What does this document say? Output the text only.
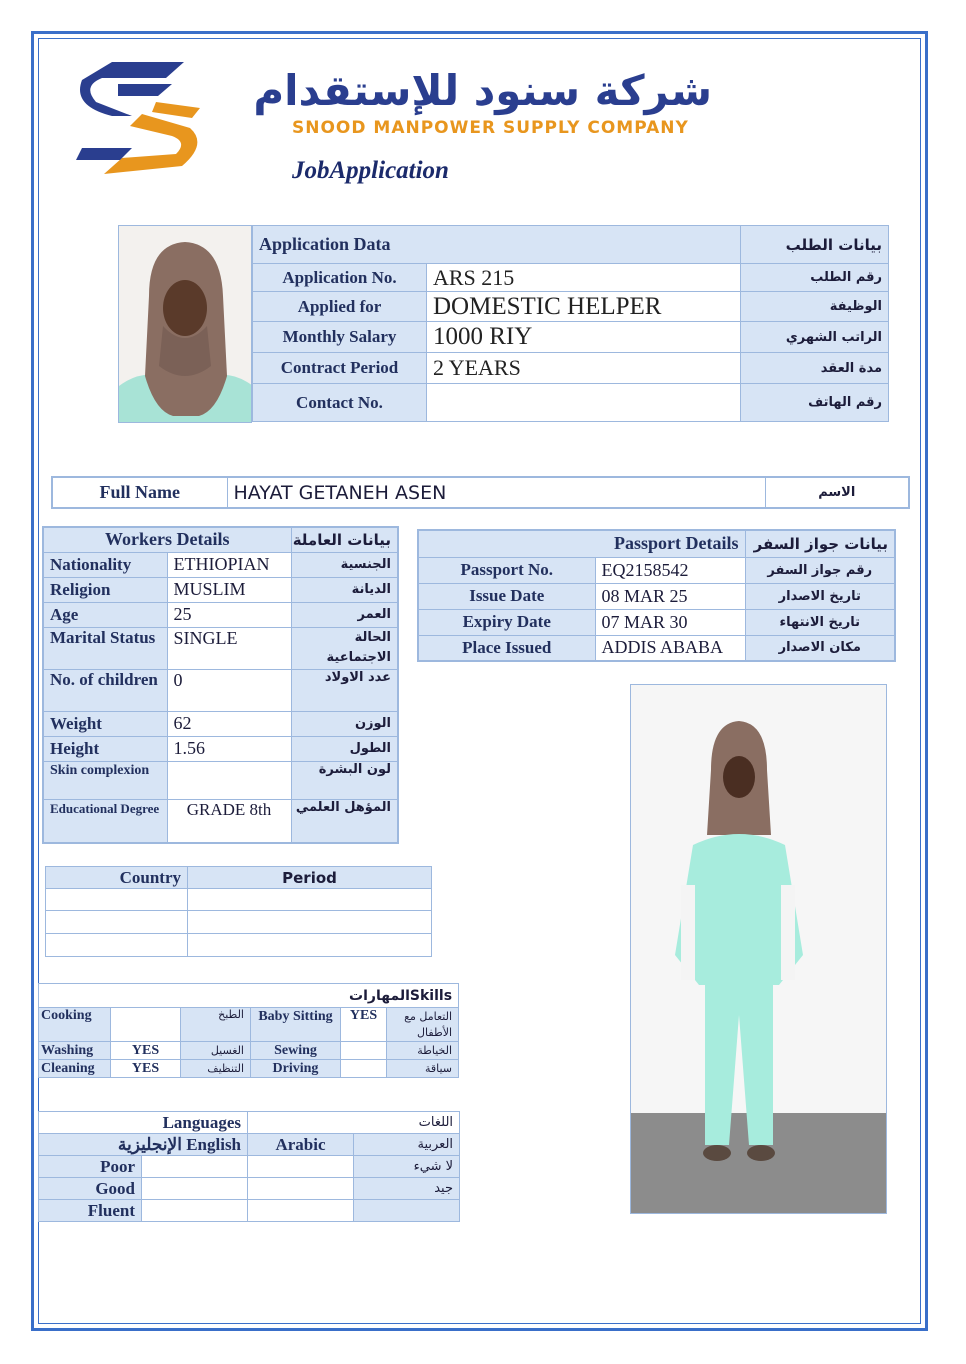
شركة سنود للإستقدام
SNOOD MANPOWER SUPPLY COMPANY
JobApplication
Application Data		بيانات الطلب
Application No.	ARS 215	رقم الطلب
Applied for	DOMESTIC HELPER	الوظيفة
Monthly Salary	1000 RIY	الراتب الشهري
Contract Period	2 YEARS	مدة العقد
Contact No.		رقم الهاتف
Full Name	HAYAT GETANEH ASEN	الاسم
Workers Details		بيانات العاملة
Nationality	ETHIOPIAN	الجنسية
Religion	MUSLIM	الديانة
Age	25	العمر
Marital Status	SINGLE	الحالة الاجتماعية
No. of children	0	عدد الاولاد
Weight	62	الوزن
Height	1.56	الطول
Skin complexion		لون البشرة
Educational Degree	GRADE 8th	المؤهل العلمي
Passport Details		بيانات جواز السفر
Passport No.	EQ2158542	رقم جواز السفر
Issue Date	08 MAR 25	تاريخ الاصدار
Expiry Date	07 MAR 30	تاريخ الانتهاء
Place Issued	ADDIS ABABA	مكان الاصدار
Country	Period

المهاراتSkills					
Cooking		الطبخ	Baby Sitting	YES	التعامل مع الأطفال
Washing	YES	الغسيل	Sewing		الخياطة
Cleaning	YES	التنظيف	Driving		سياقة
Languages		اللغات	
الإنجليزية English		Arabic	العربية
Poor			لا شيء
Good			جيد
Fluent			
